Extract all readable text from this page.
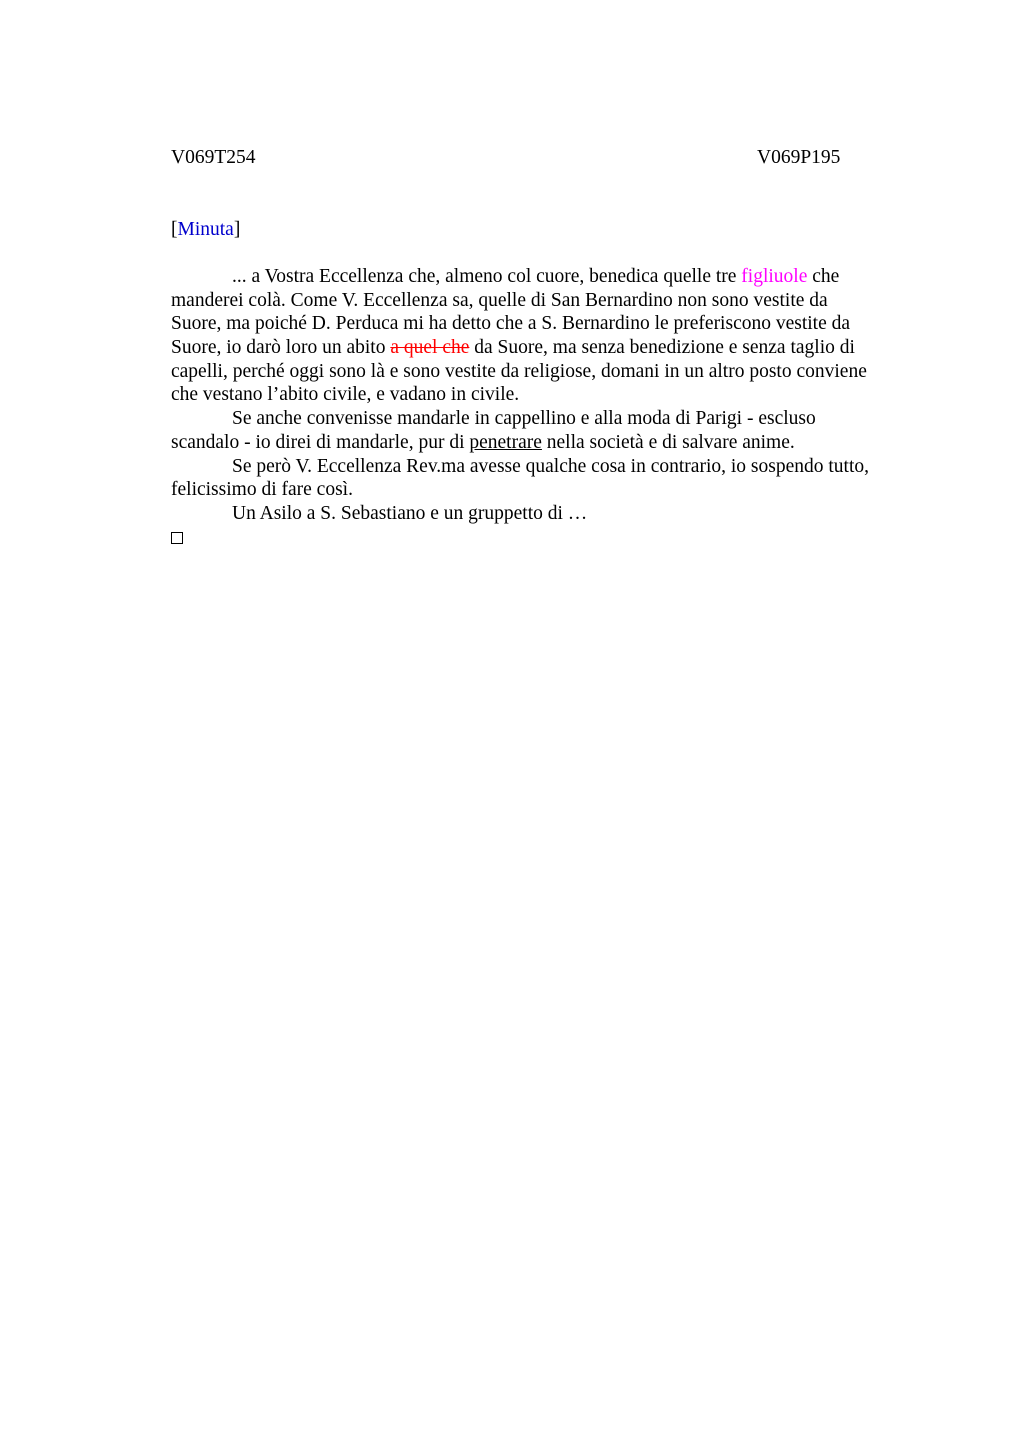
V069T254	V069P195
[Minuta]
... a Vostra Eccellenza che, almeno col cuore, benedica quelle tre figliuole che
manderei colà. Come V. Eccellenza sa, quelle di San Bernardino non sono vestite da
Suore, ma poiché D. Perduca mi ha detto che a S. Bernardino le preferiscono vestite da
Suore, io darò loro un abito a quel che da Suore, ma senza benedizione e senza taglio di
capelli, perché oggi sono là e sono vestite da religiose, domani in un altro posto conviene
che vestano l’abito civile, e vadano in civile.
Se anche convenisse mandarle in cappellino e alla moda di Parigi - escluso
scandalo - io direi di mandarle, pur di penetrare nella società e di salvare anime.
Se però V. Eccellenza Rev.ma avesse qualche cosa in contrario, io sospendo tutto,
felicissimo di fare così.
Un Asilo a S. Sebastiano e un gruppetto di …
